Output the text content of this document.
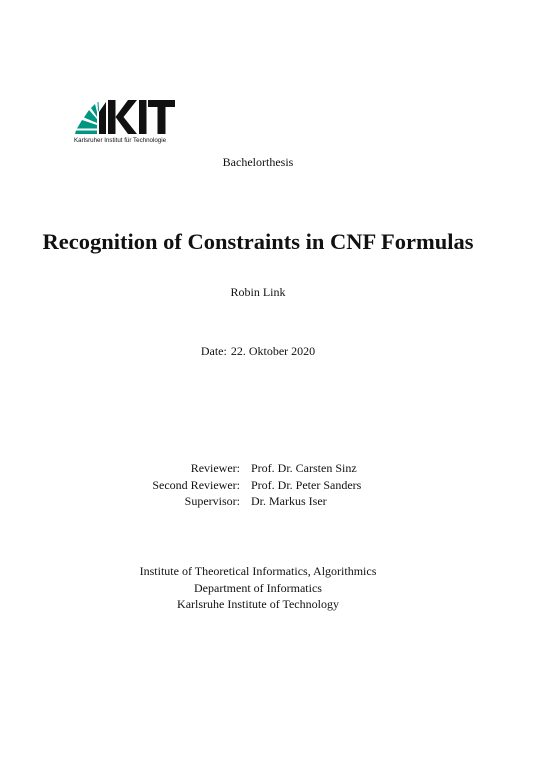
Karlsruher Institut für Technologie
Bachelorthesis
Recognition of Constraints in CNF Formulas
Robin Link
Date: 22. Oktober 2020
Reviewer: Prof. Dr. Carsten Sinz
Second Reviewer: Prof. Dr. Peter Sanders
Supervisor: Dr. Markus Iser
Institute of Theoretical Informatics, Algorithmics
Department of Informatics
Karlsruhe Institute of Technology
